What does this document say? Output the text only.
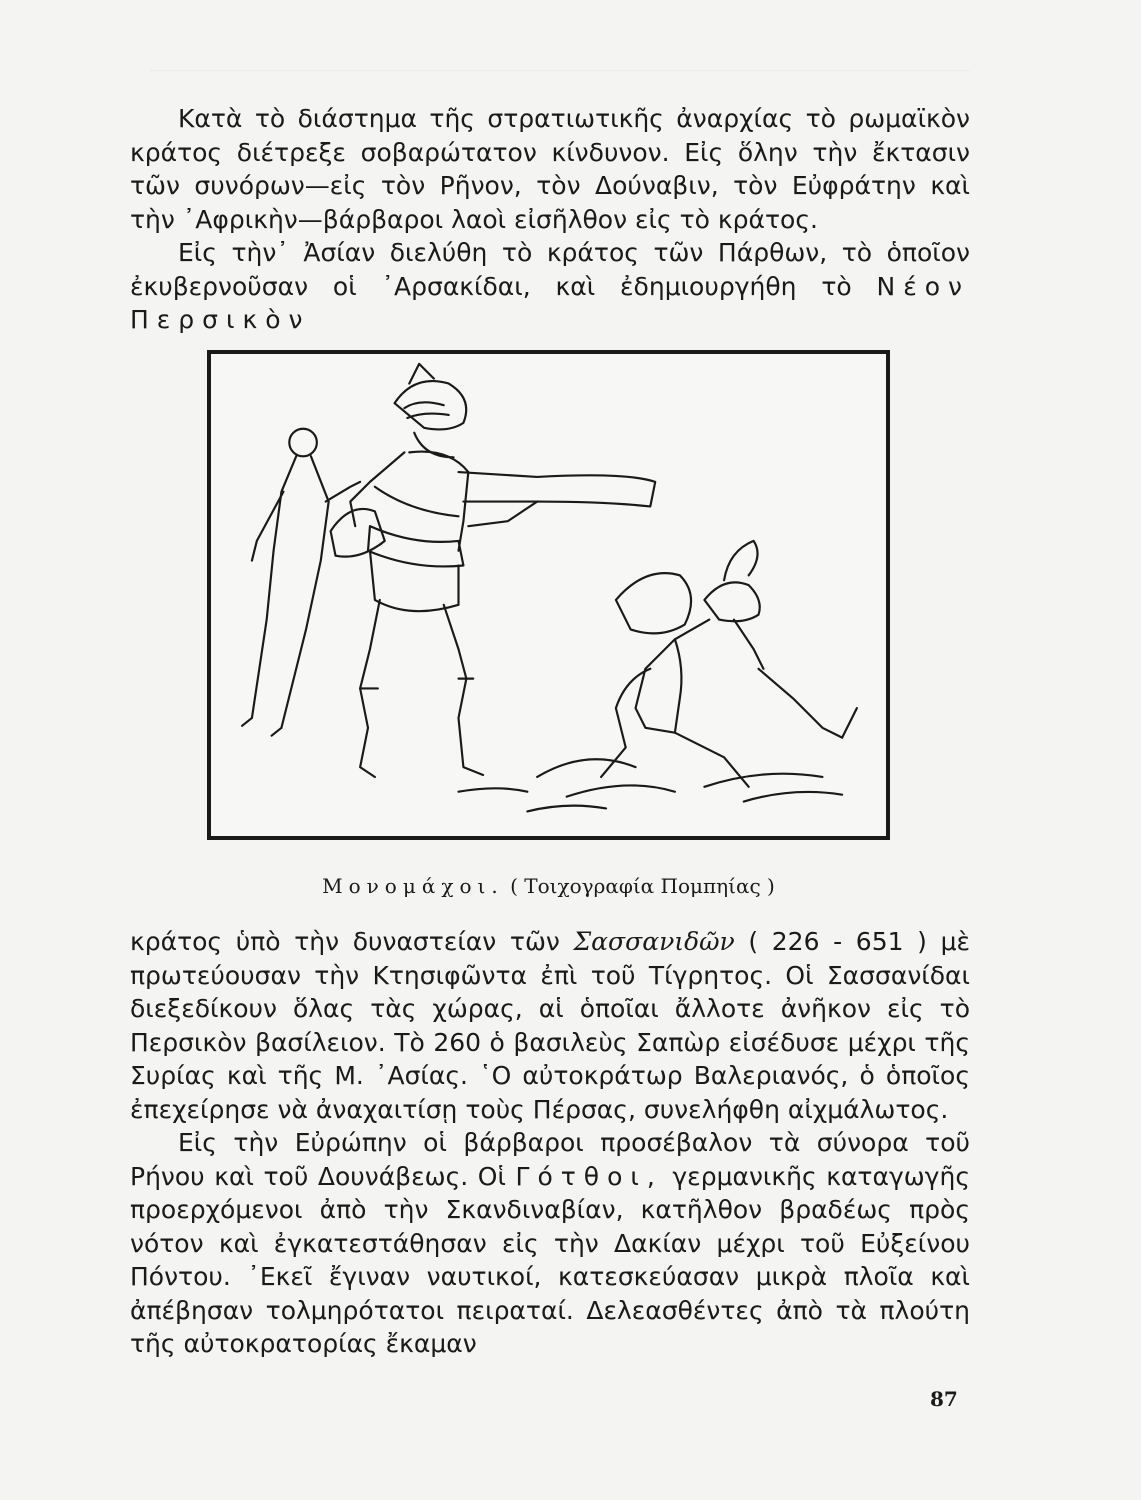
Κατὰ τὸ διάστημα τῆς στρατιωτικῆς ἀναρχίας τὸ ρωμαϊκὸν κράτος διέτρεξε σοβαρώτατον κίνδυνον. Εἰς ὅλην τὴν ἔκτασιν τῶν συνόρων—εἰς τὸν Ρῆνον, τὸν Δούναβιν, τὸν Εὐφράτην καὶ τὴν ᾿Αφρικὴν—βάρβαροι λαοὶ εἰσῆλθον εἰς τὸ κράτος.

Εἰς τὴν᾿ Ἀσίαν διελύθη τὸ κράτος τῶν Πάρθων, τὸ ὁποῖον ἐκυβερνοῦσαν οἱ ᾿Αρσακίδαι, καὶ ἐδημιουργήθη τὸ Νέον Περσικὸν

Μονομάχοι. ( Τοιχογραφία Πομπηίας )

κράτος ὑπὸ τὴν δυναστείαν τῶν Σασσανιδῶν ( 226 - 651 ) μὲ πρωτεύουσαν τὴν Κτησιφῶντα ἐπὶ τοῦ Τίγρητος. Οἱ Σασσανίδαι διεξεδίκουν ὅλας τὰς χώρας, αἱ ὁποῖαι ἄλλοτε ἀνῆκον εἰς τὸ Περσικὸν βασίλειον. Τὸ 260 ὁ βασιλεὺς Σαπὼρ εἰσέδυσε μέχρι τῆς Συρίας καὶ τῆς Μ. ᾿Ασίας. ῾Ο αὐτοκράτωρ Βαλεριανός, ὁ ὁποῖος ἐπεχείρησε νὰ ἀναχαιτίσῃ τοὺς Πέρσας, συνελήφθη αἰχμάλωτος.

Εἰς τὴν Εὐρώπην οἱ βάρβαροι προσέβαλον τὰ σύνορα τοῦ Ρήνου καὶ τοῦ Δουνάβεως. Οἱ Γότθοι, γερμανικῆς καταγωγῆς προερχόμενοι ἀπὸ τὴν Σκανδιναβίαν, κατῆλθον βραδέως πρὸς νότον καὶ ἐγκατεστάθησαν εἰς τὴν Δακίαν μέχρι τοῦ Εὐξείνου Πόντου. ᾿Εκεῖ ἔγιναν ναυτικοί, κατεσκεύασαν μικρὰ πλοῖα καὶ ἀπέβησαν τολμηρότατοι πειραταί. Δελεασθέντες ἀπὸ τὰ πλούτη τῆς αὐτοκρατορίας ἔκαμαν

87
